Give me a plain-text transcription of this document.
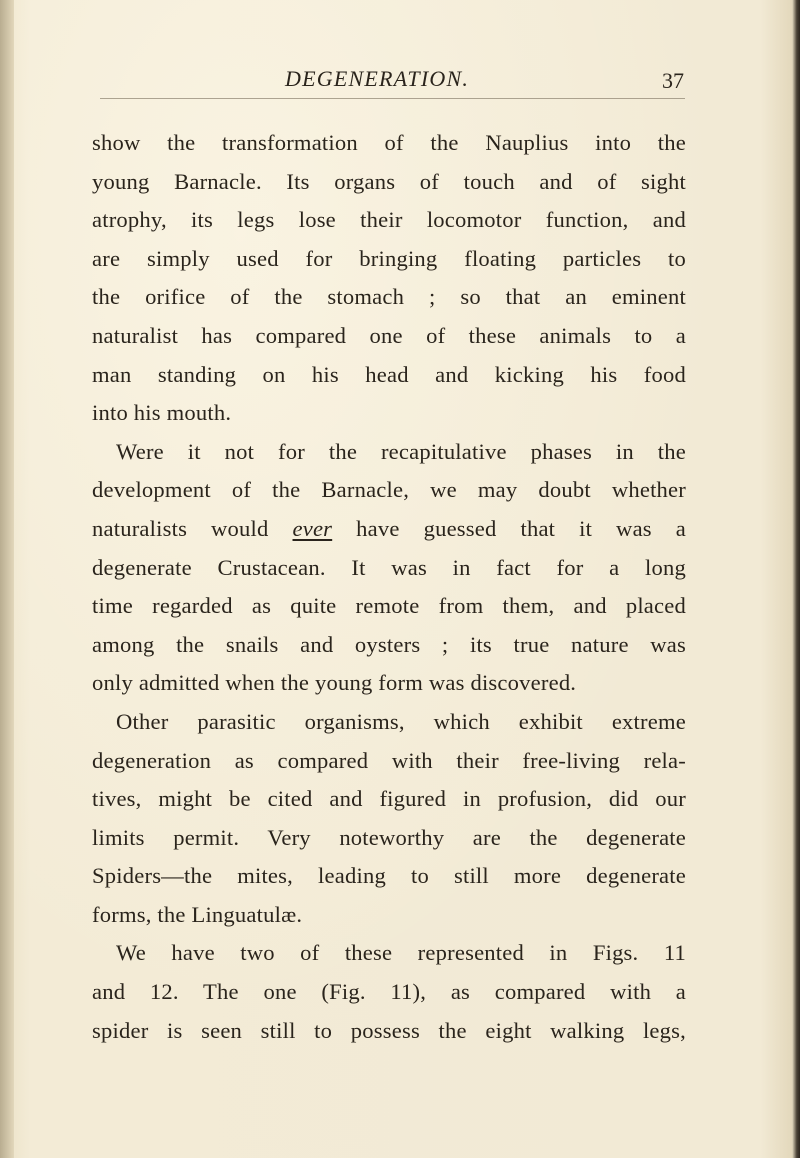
DEGENERATION.	37
show the transformation of the Nauplius into the
young Barnacle. Its organs of touch and of sight
atrophy, its legs lose their locomotor function, and
are simply used for bringing floating particles to
the orifice of the stomach ; so that an eminent
naturalist has compared one of these animals to a
man standing on his head and kicking his food
into his mouth.
Were it not for the recapitulative phases in the
development of the Barnacle, we may doubt whether
naturalists would ever have guessed that it was a
degenerate Crustacean. It was in fact for a long
time regarded as quite remote from them, and placed
among the snails and oysters ; its true nature was
only admitted when the young form was discovered.
Other parasitic organisms, which exhibit extreme
degeneration as compared with their free-living rela-
tives, might be cited and figured in profusion, did our
limits permit. Very noteworthy are the degenerate
Spiders—the mites, leading to still more degenerate
forms, the Linguatulæ.
We have two of these represented in Figs. 11
and 12. The one (Fig. 11), as compared with a
spider is seen still to possess the eight walking legs,
